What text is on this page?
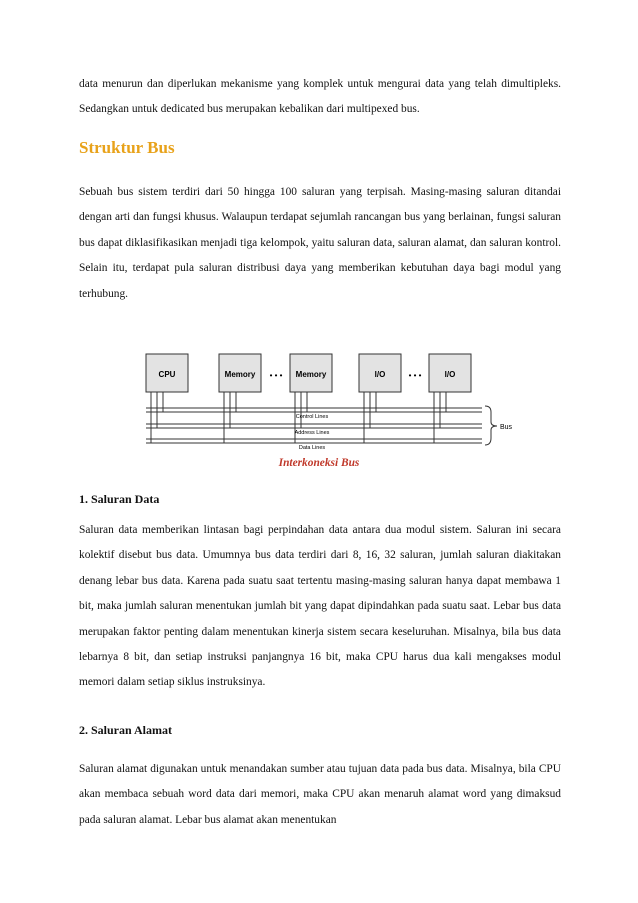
data menurun dan diperlukan mekanisme yang komplek untuk mengurai data yang telah dimultipleks. Sedangkan untuk dedicated bus merupakan kebalikan dari multipexed bus.

Struktur Bus

Sebuah bus sistem terdiri dari 50 hingga 100 saluran yang terpisah. Masing-masing saluran ditandai dengan arti dan fungsi khusus. Walaupun terdapat sejumlah rancangan bus yang berlainan, fungsi saluran bus dapat diklasifikasikan menjadi tiga kelompok, yaitu saluran data, saluran alamat, dan saluran kontrol. Selain itu, terdapat pula saluran distribusi daya yang memberikan kebutuhan daya bagi modul yang terhubung.

CPU	Memory	Memory	I/O	I/O
• • •	• • •
Control Lines
Address Lines
Data Lines
Bus
Interkoneksi Bus
1. Saluran Data

Saluran data memberikan lintasan bagi perpindahan data antara dua modul sistem. Saluran ini secara kolektif disebut bus data. Umumnya bus data terdiri dari 8, 16, 32 saluran, jumlah saluran diakitakan denang lebar bus data. Karena pada suatu saat tertentu masing-masing saluran hanya dapat membawa 1 bit, maka jumlah saluran menentukan jumlah bit yang dapat dipindahkan pada suatu saat. Lebar bus data merupakan faktor penting dalam menentukan kinerja sistem secara keseluruhan. Misalnya, bila bus data lebarnya 8 bit, dan setiap instruksi panjangnya 16 bit, maka CPU harus dua kali mengakses modul memori dalam setiap siklus instruksinya.

2. Saluran Alamat

Saluran alamat digunakan untuk menandakan sumber atau tujuan data pada bus data. Misalnya, bila CPU akan membaca sebuah word data dari memori, maka CPU akan menaruh alamat word yang dimaksud pada saluran alamat. Lebar bus alamat akan menentukan
